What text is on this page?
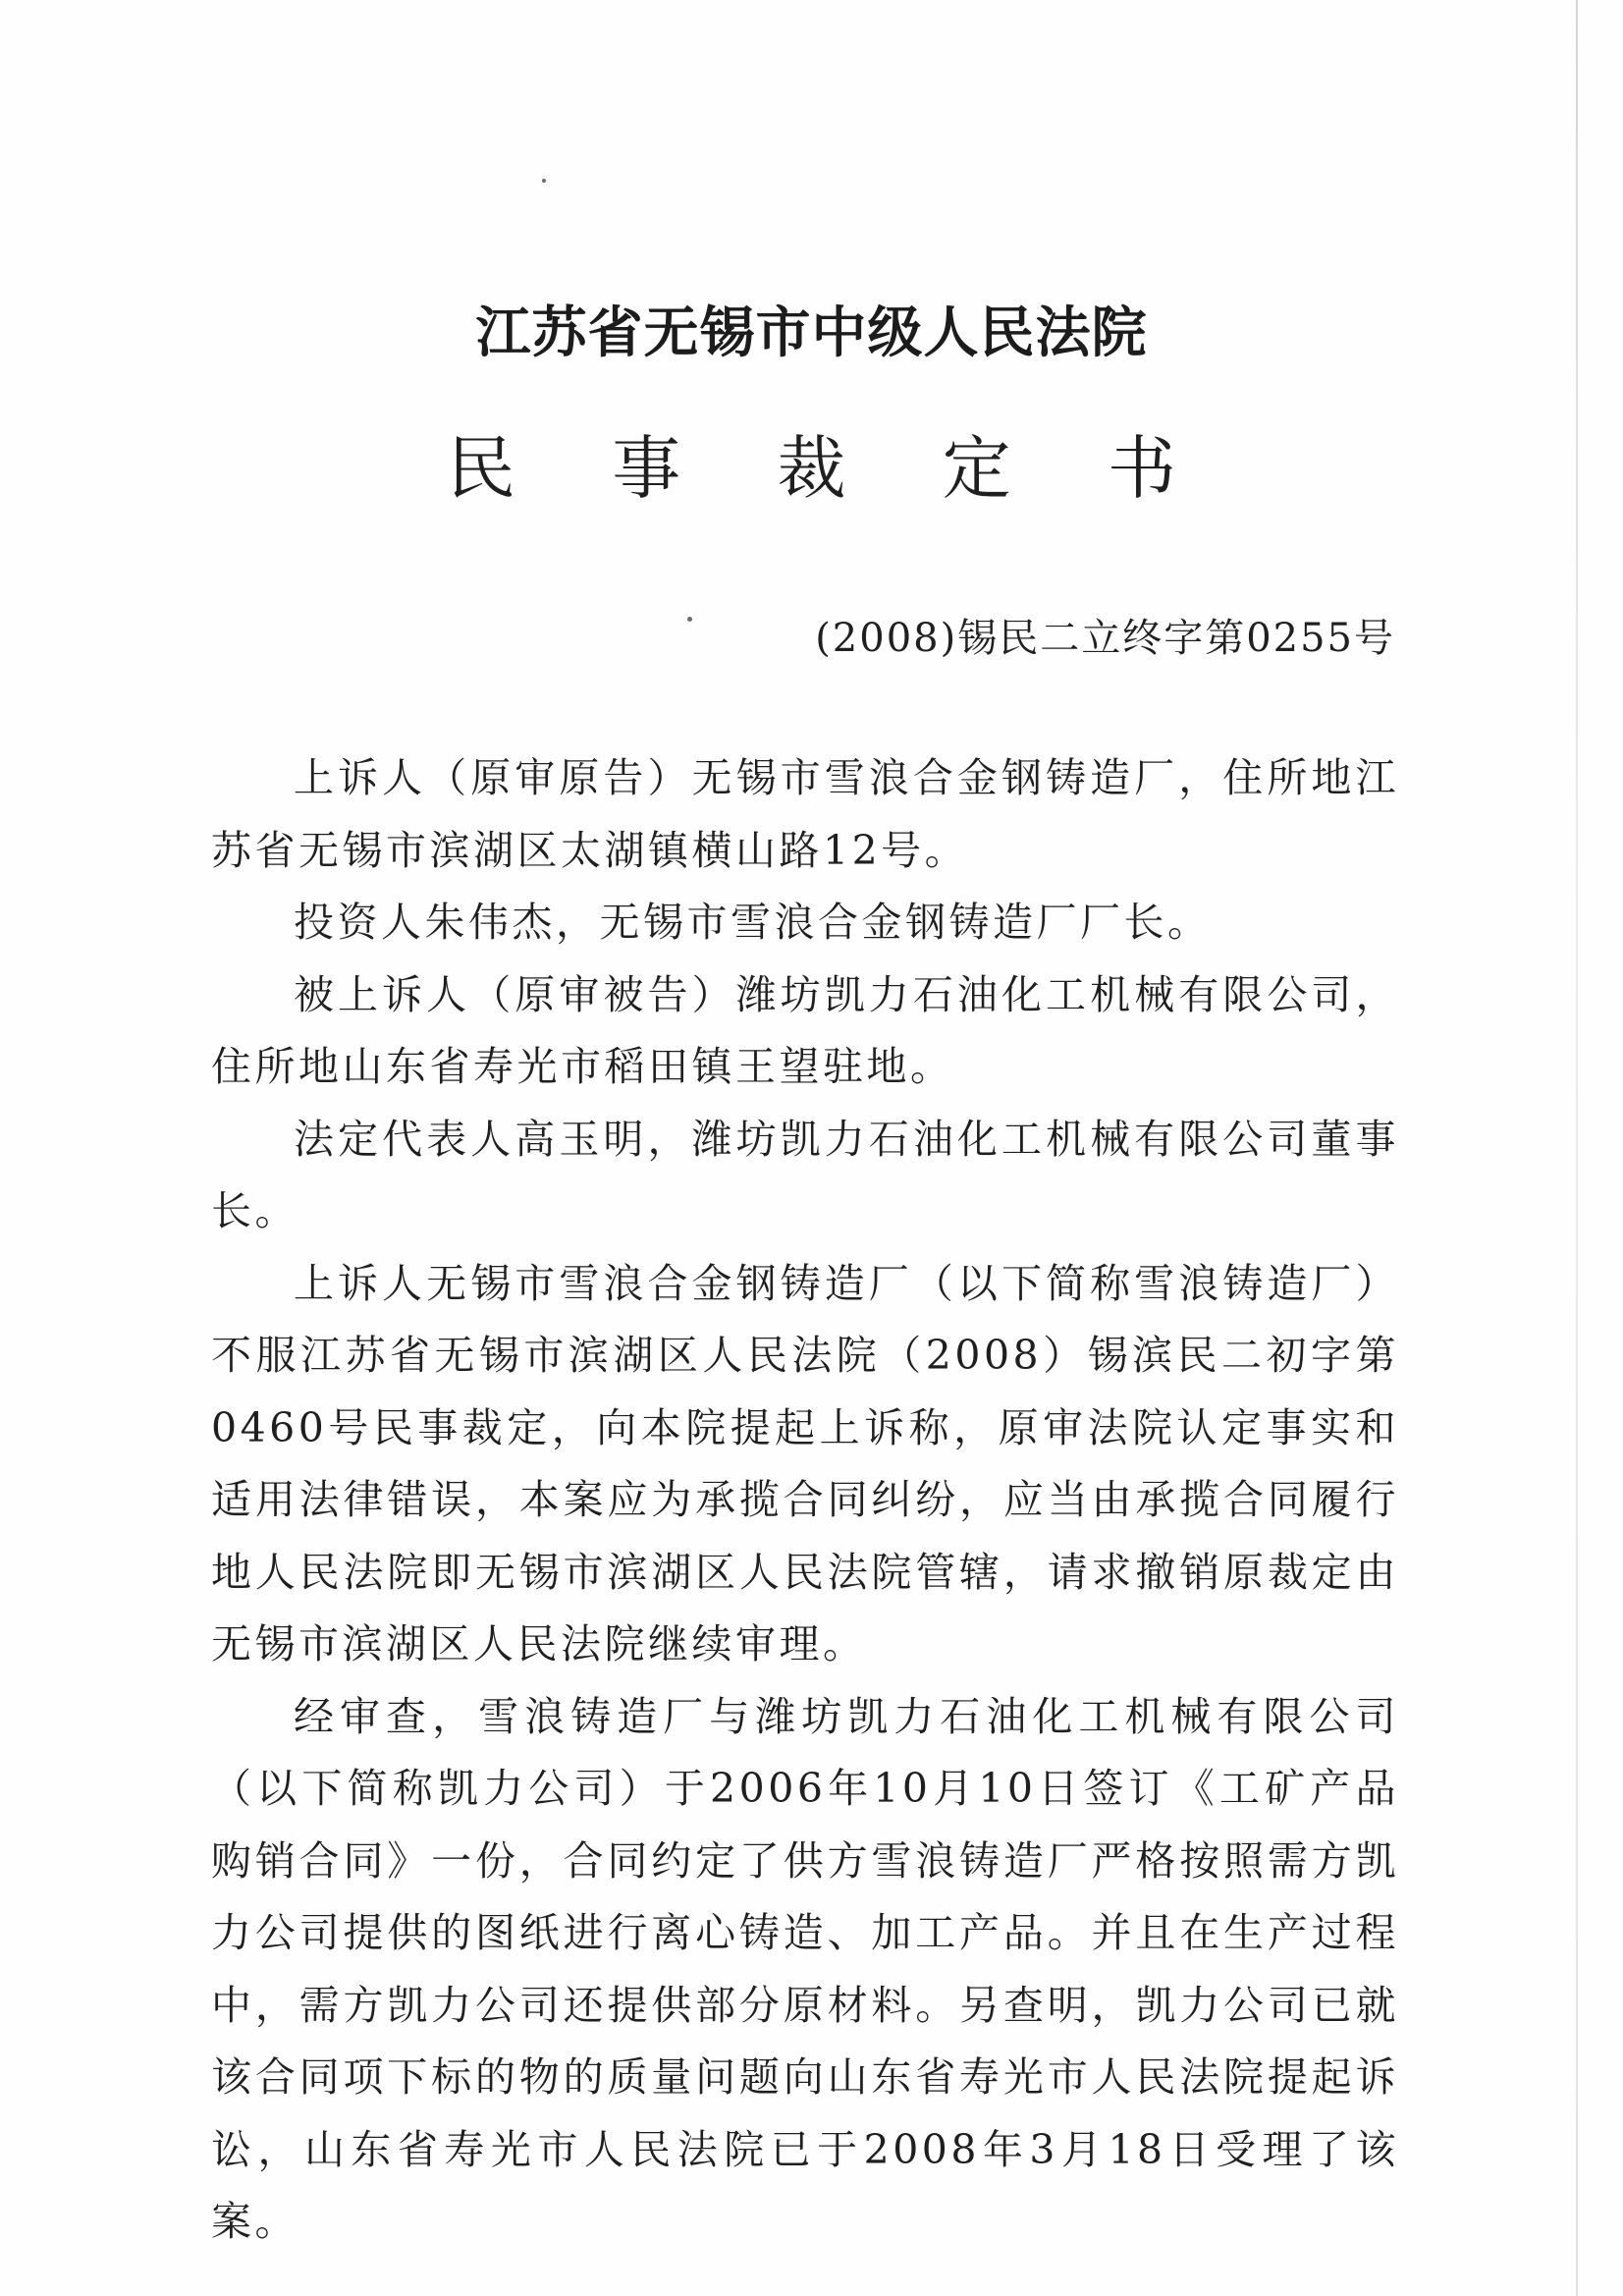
江苏省无锡市中级人民法院
民 事 裁 定 书
(2008)锡民二立终字第0255号

上诉人（原审原告）无锡市雪浪合金钢铸造厂，住所地江苏省无锡市滨湖区太湖镇横山路12号。

投资人朱伟杰，无锡市雪浪合金钢铸造厂厂长。

被上诉人（原审被告）潍坊凯力石油化工机械有限公司，住所地山东省寿光市稻田镇王望驻地。

法定代表人高玉明，潍坊凯力石油化工机械有限公司董事长。

上诉人无锡市雪浪合金钢铸造厂（以下简称雪浪铸造厂）不服江苏省无锡市滨湖区人民法院（2008）锡滨民二初字第0460号民事裁定，向本院提起上诉称，原审法院认定事实和适用法律错误，本案应为承揽合同纠纷，应当由承揽合同履行地人民法院即无锡市滨湖区人民法院管辖，请求撤销原裁定由无锡市滨湖区人民法院继续审理。

经审查，雪浪铸造厂与潍坊凯力石油化工机械有限公司（以下简称凯力公司）于2006年10月10日签订《工矿产品购销合同》一份，合同约定了供方雪浪铸造厂严格按照需方凯力公司提供的图纸进行离心铸造、加工产品。并且在生产过程中，需方凯力公司还提供部分原材料。另查明，凯力公司已就该合同项下标的物的质量问题向山东省寿光市人民法院提起诉讼，山东省寿光市人民法院已于2008年3月18日受理了该案。
